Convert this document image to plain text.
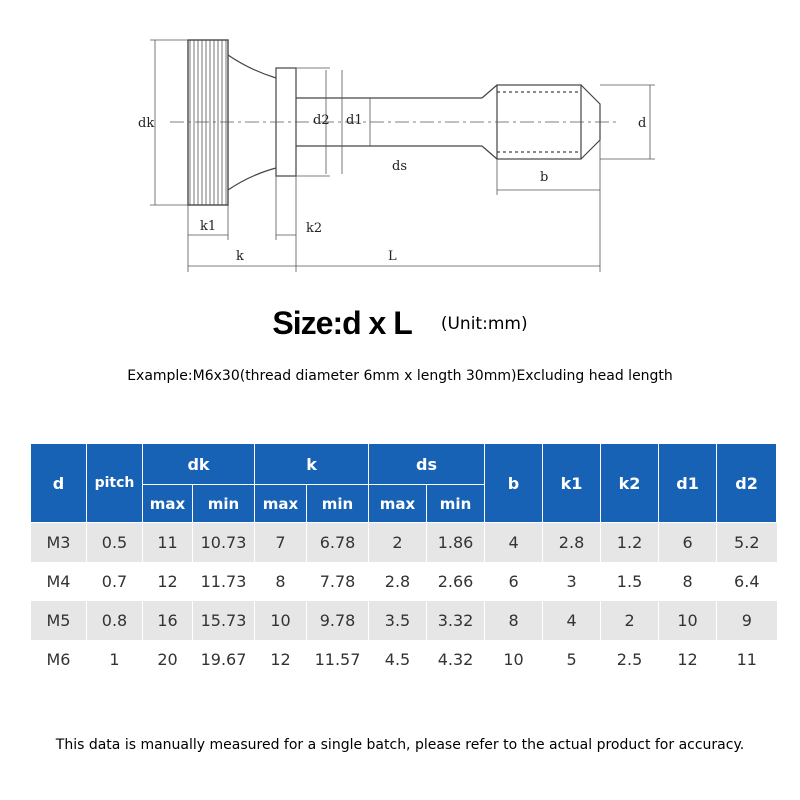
dk	d2 d1
ds
d
b
k1	k2
k	L
Size:d x L (Unit:mm)
Example:M6x30(thread diameter 6mm x length 30mm)Excluding head length
d	pitch	dk		k		ds		b	k1	k2	d1	d2
		max	min	max	min	max	min					
M3	0.5	11	10.73	7	6.78	2	1.86	4	2.8	1.2	6	5.2
M4	0.7	12	11.73	8	7.78	2.8	2.66	6	3	1.5	8	6.4
M5	0.8	16	15.73	10	9.78	3.5	3.32	8	4	2	10	9
M6	1	20	19.67	12	11.57	4.5	4.32	10	5	2.5	12	11
This data is manually measured for a single batch, please refer to the actual product for accuracy.
